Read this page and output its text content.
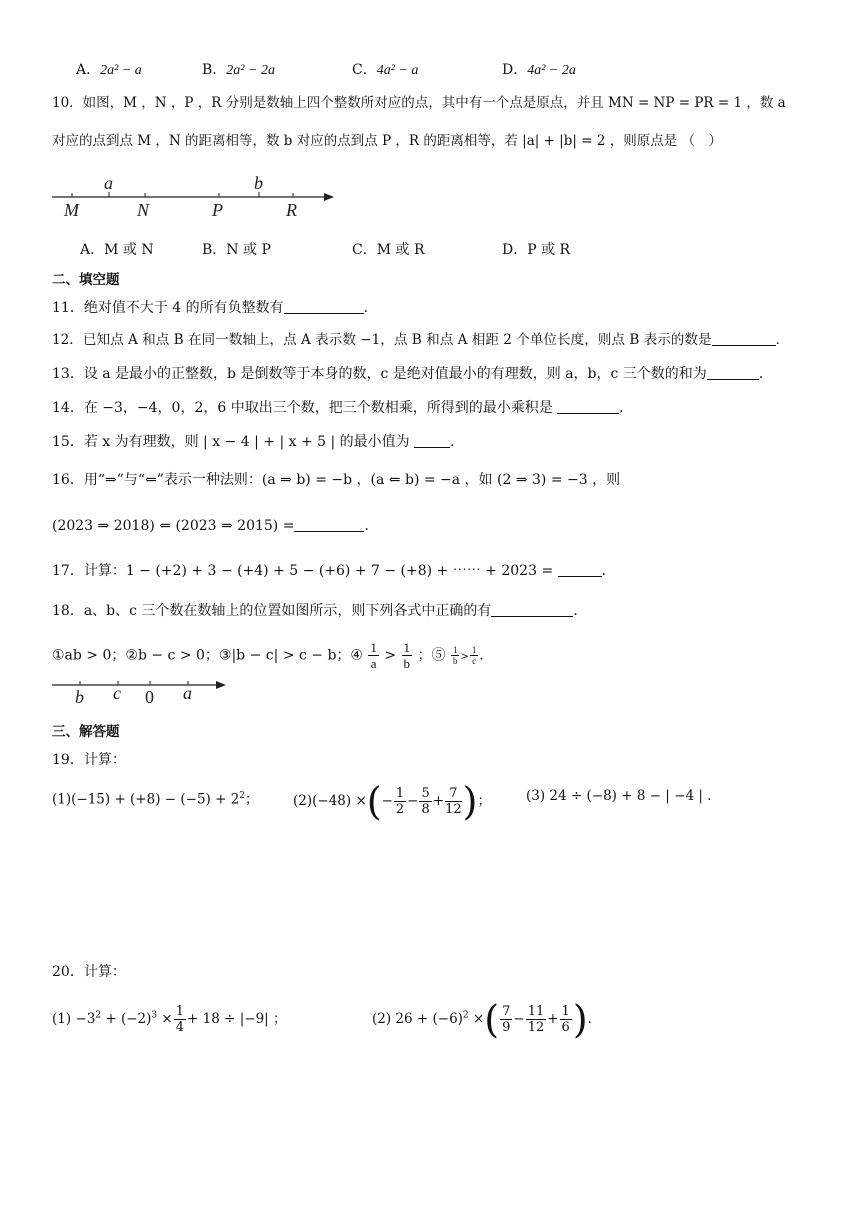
A．2a² − a	B．2a² − 2a	C．4a² − a	D．4a² − 2a
10．如图，M ，N ，P ，R 分别是数轴上四个整数所对应的点，其中有一个点是原点，并且 MN = NP = PR = 1 ，数 a
对应的点到点 M ，N 的距离相等，数 b 对应的点到点 P ，R 的距离相等，若 |a| + |b| = 2 ，则原点是 （　）
a	b
M	N	P	R
A．M 或 N	B．N 或 P	C．M 或 R	D．P 或 R
二、填空题
11．绝对值不大于 4 的所有负整数有	．
12．已知点 A 和点 B 在同一数轴上，点 A 表示数 −1，点 B 和点 A 相距 2 个单位长度，则点 B 表示的数是	．
13．设 a 是最小的正整数，b 是倒数等于本身的数，c 是绝对值最小的有理数，则 a，b，c 三个数的和为	．
14．在 −3，−4，0，2，6 中取出三个数，把三个数相乘，所得到的最小乘积是	．
15．若 x 为有理数，则 | x − 4 | + | x + 5 | 的最小值为	．
16．用“⇒”与“⇐”表示一种法则：(a ⇒ b) = −b ，(a ⇐ b) = −a ，如 (2 ⇒ 3) = −3 ，则
(2023 ⇒ 2018) ⇐ (2023 ⇒ 2015) =	．
17．计算：1 − (+2) + 3 − (+4) + 5 − (+6) + 7 − (+8) + ⋯⋯ + 2023 =	．
18．a、b、c 三个数在数轴上的位置如图所示，则下列各式中正确的有	．
①ab > 0；②b − c > 0；③|b − c| > c − b；④ $\frac{1}{a} > \frac{1}{b}$ ；⑤ $\frac{1}{b} > \frac{1}{c}$ ．
b c 0 a
三、解答题
19．计算：
$(1)(-15) + (+8) - (-5) + 2^2$；	(2)(−48) ×(− $\frac{1}{2} - \frac{5}{8} + \frac{7}{12}$ )；	(3) 24 ÷ (−8) + 8 − | −4 | .
20．计算：
$(1) -3^2 + (-2)^3 \times \frac{1}{4} + 18 \div |-9|$ ；	(2) $26 + (-6)^2$ ×( $\frac{7}{9} - \frac{11}{12} + \frac{1}{6}$ ).
